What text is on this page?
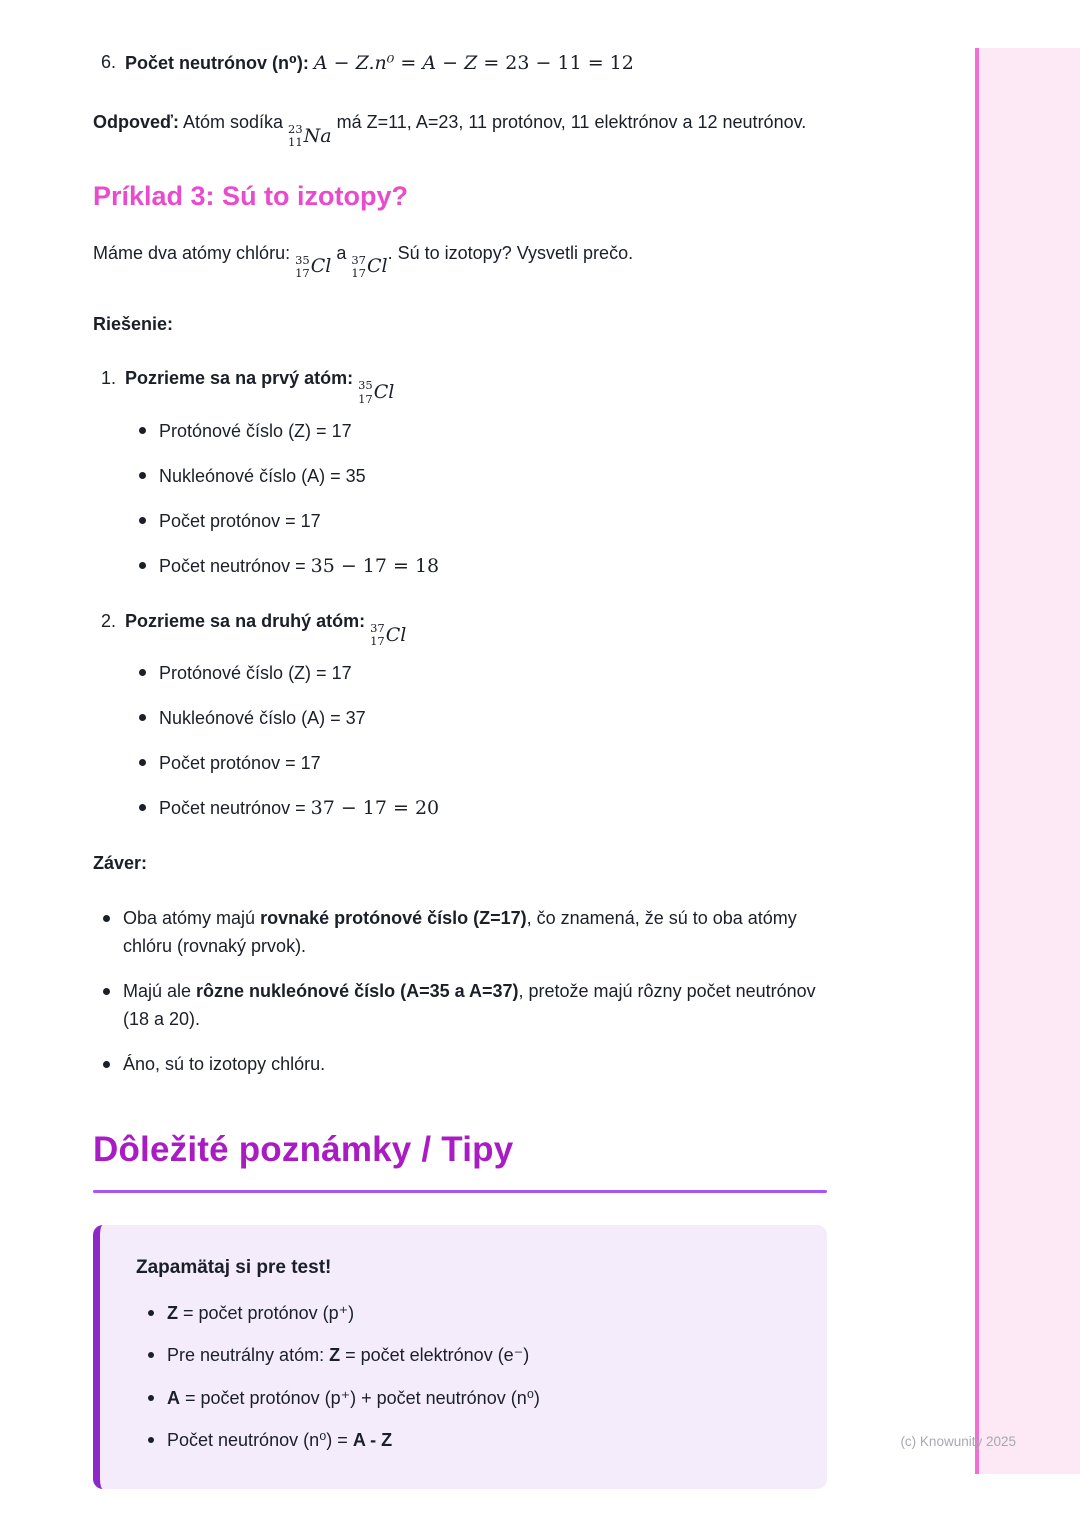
6. Počet neutrónov (n⁰): A − Z.n⁰ = A − Z = 23 − 11 = 12

Odpoveď: Atóm sodíka 23
11 Na
má Z=11, A=23, 11 protónov, 11 elektrónov a 12 neutrónov.

Príklad 3: Sú to izotopy?

Máme dva atómy chlóru: 35
17 Cl
a 37
17 Cl
. Sú to izotopy? Vysvetli prečo.

Riešenie:

1. Pozrieme sa na prvý atóm: 35
17 Cl
Protónové číslo (Z) = 17
Nukleónové číslo (A) = 35
Počet protónov = 17
Počet neutrónov = 35 − 17 = 18
2. Pozrieme sa na druhý atóm: 37
17 Cl
Protónové číslo (Z) = 17
Nukleónové číslo (A) = 37
Počet protónov = 17
Počet neutrónov = 37 − 17 = 20

Záver:

Oba atómy majú rovnaké protónové číslo (Z=17), čo znamená, že sú to oba atómy chlóru (rovnaký prvok).
Majú ale rôzne nukleónové číslo (A=35 a A=37), pretože majú rôzny počet neutrónov (18 a 20).
Áno, sú to izotopy chlóru.
Dôležité poznámky / Tipy

Zapamätaj si pre test!

Z = počet protónov (p⁺)
Pre neutrálny atóm: Z = počet elektrónov (e⁻)
A = počet protónov (p⁺) + počet neutrónov (n⁰)
Počet neutrónov (n⁰) = A - Z	(c) Knowunity 2025
